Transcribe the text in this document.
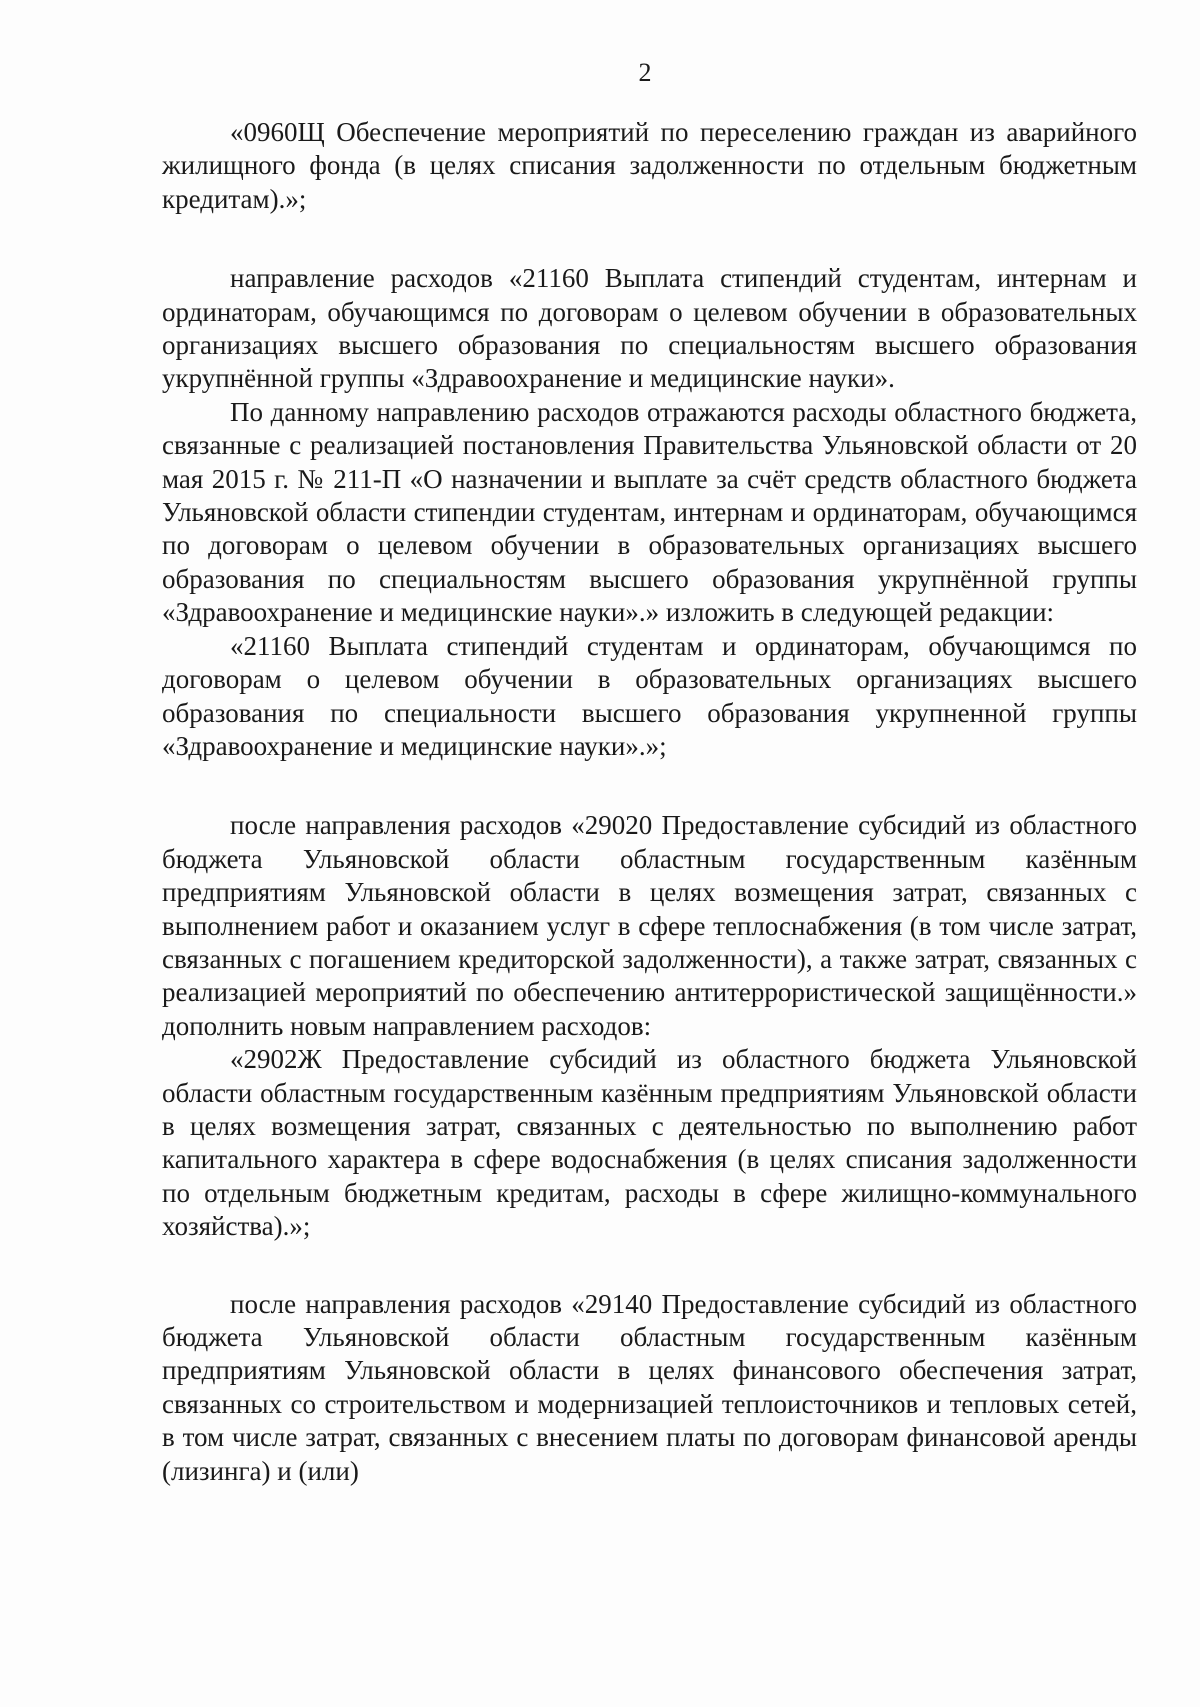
2

«0960Щ Обеспечение мероприятий по переселению граждан из аварийного жилищного фонда (в целях списания задолженности по отдельным бюджетным кредитам).»;

направление расходов «21160 Выплата стипендий студентам, интернам и ординаторам, обучающимся по договорам о целевом обучении в образовательных организациях высшего образования по специальностям высшего образования укрупнённой группы «Здравоохранение и медицинские науки».

По данному направлению расходов отражаются расходы областного бюджета, связанные с реализацией постановления Правительства Ульяновской области от 20 мая 2015 г. № 211-П «О назначении и выплате за счёт средств областного бюджета Ульяновской области стипендии студентам, интернам и ординаторам, обучающимся по договорам о целевом обучении в образовательных организациях высшего образования по специальностям высшего образования укрупнённой группы «Здравоохранение и медицинские науки».» изложить в следующей редакции:

«21160 Выплата стипендий студентам и ординаторам, обучающимся по договорам о целевом обучении в образовательных организациях высшего образования по специальности высшего образования укрупненной группы «Здравоохранение и медицинские науки».»;

после направления расходов «29020 Предоставление субсидий из областного бюджета Ульяновской области областным государственным казённым предприятиям Ульяновской области в целях возмещения затрат, связанных с выполнением работ и оказанием услуг в сфере теплоснабжения (в том числе затрат, связанных с погашением кредиторской задолженности), а также затрат, связанных с реализацией мероприятий по обеспечению антитеррористической защищённости.» дополнить новым направлением расходов:

«2902Ж Предоставление субсидий из областного бюджета Ульяновской области областным государственным казённым предприятиям Ульяновской области в целях возмещения затрат, связанных с деятельностью по выполнению работ капитального характера в сфере водоснабжения (в целях списания задолженности по отдельным бюджетным кредитам, расходы в сфере жилищно-коммунального хозяйства).»;

после направления расходов «29140 Предоставление субсидий из областного бюджета Ульяновской области областным государственным казённым предприятиям Ульяновской области в целях финансового обеспечения затрат, связанных со строительством и модернизацией теплоисточников и тепловых сетей, в том числе затрат, связанных с внесением платы по договорам финансовой аренды (лизинга) и (или)
